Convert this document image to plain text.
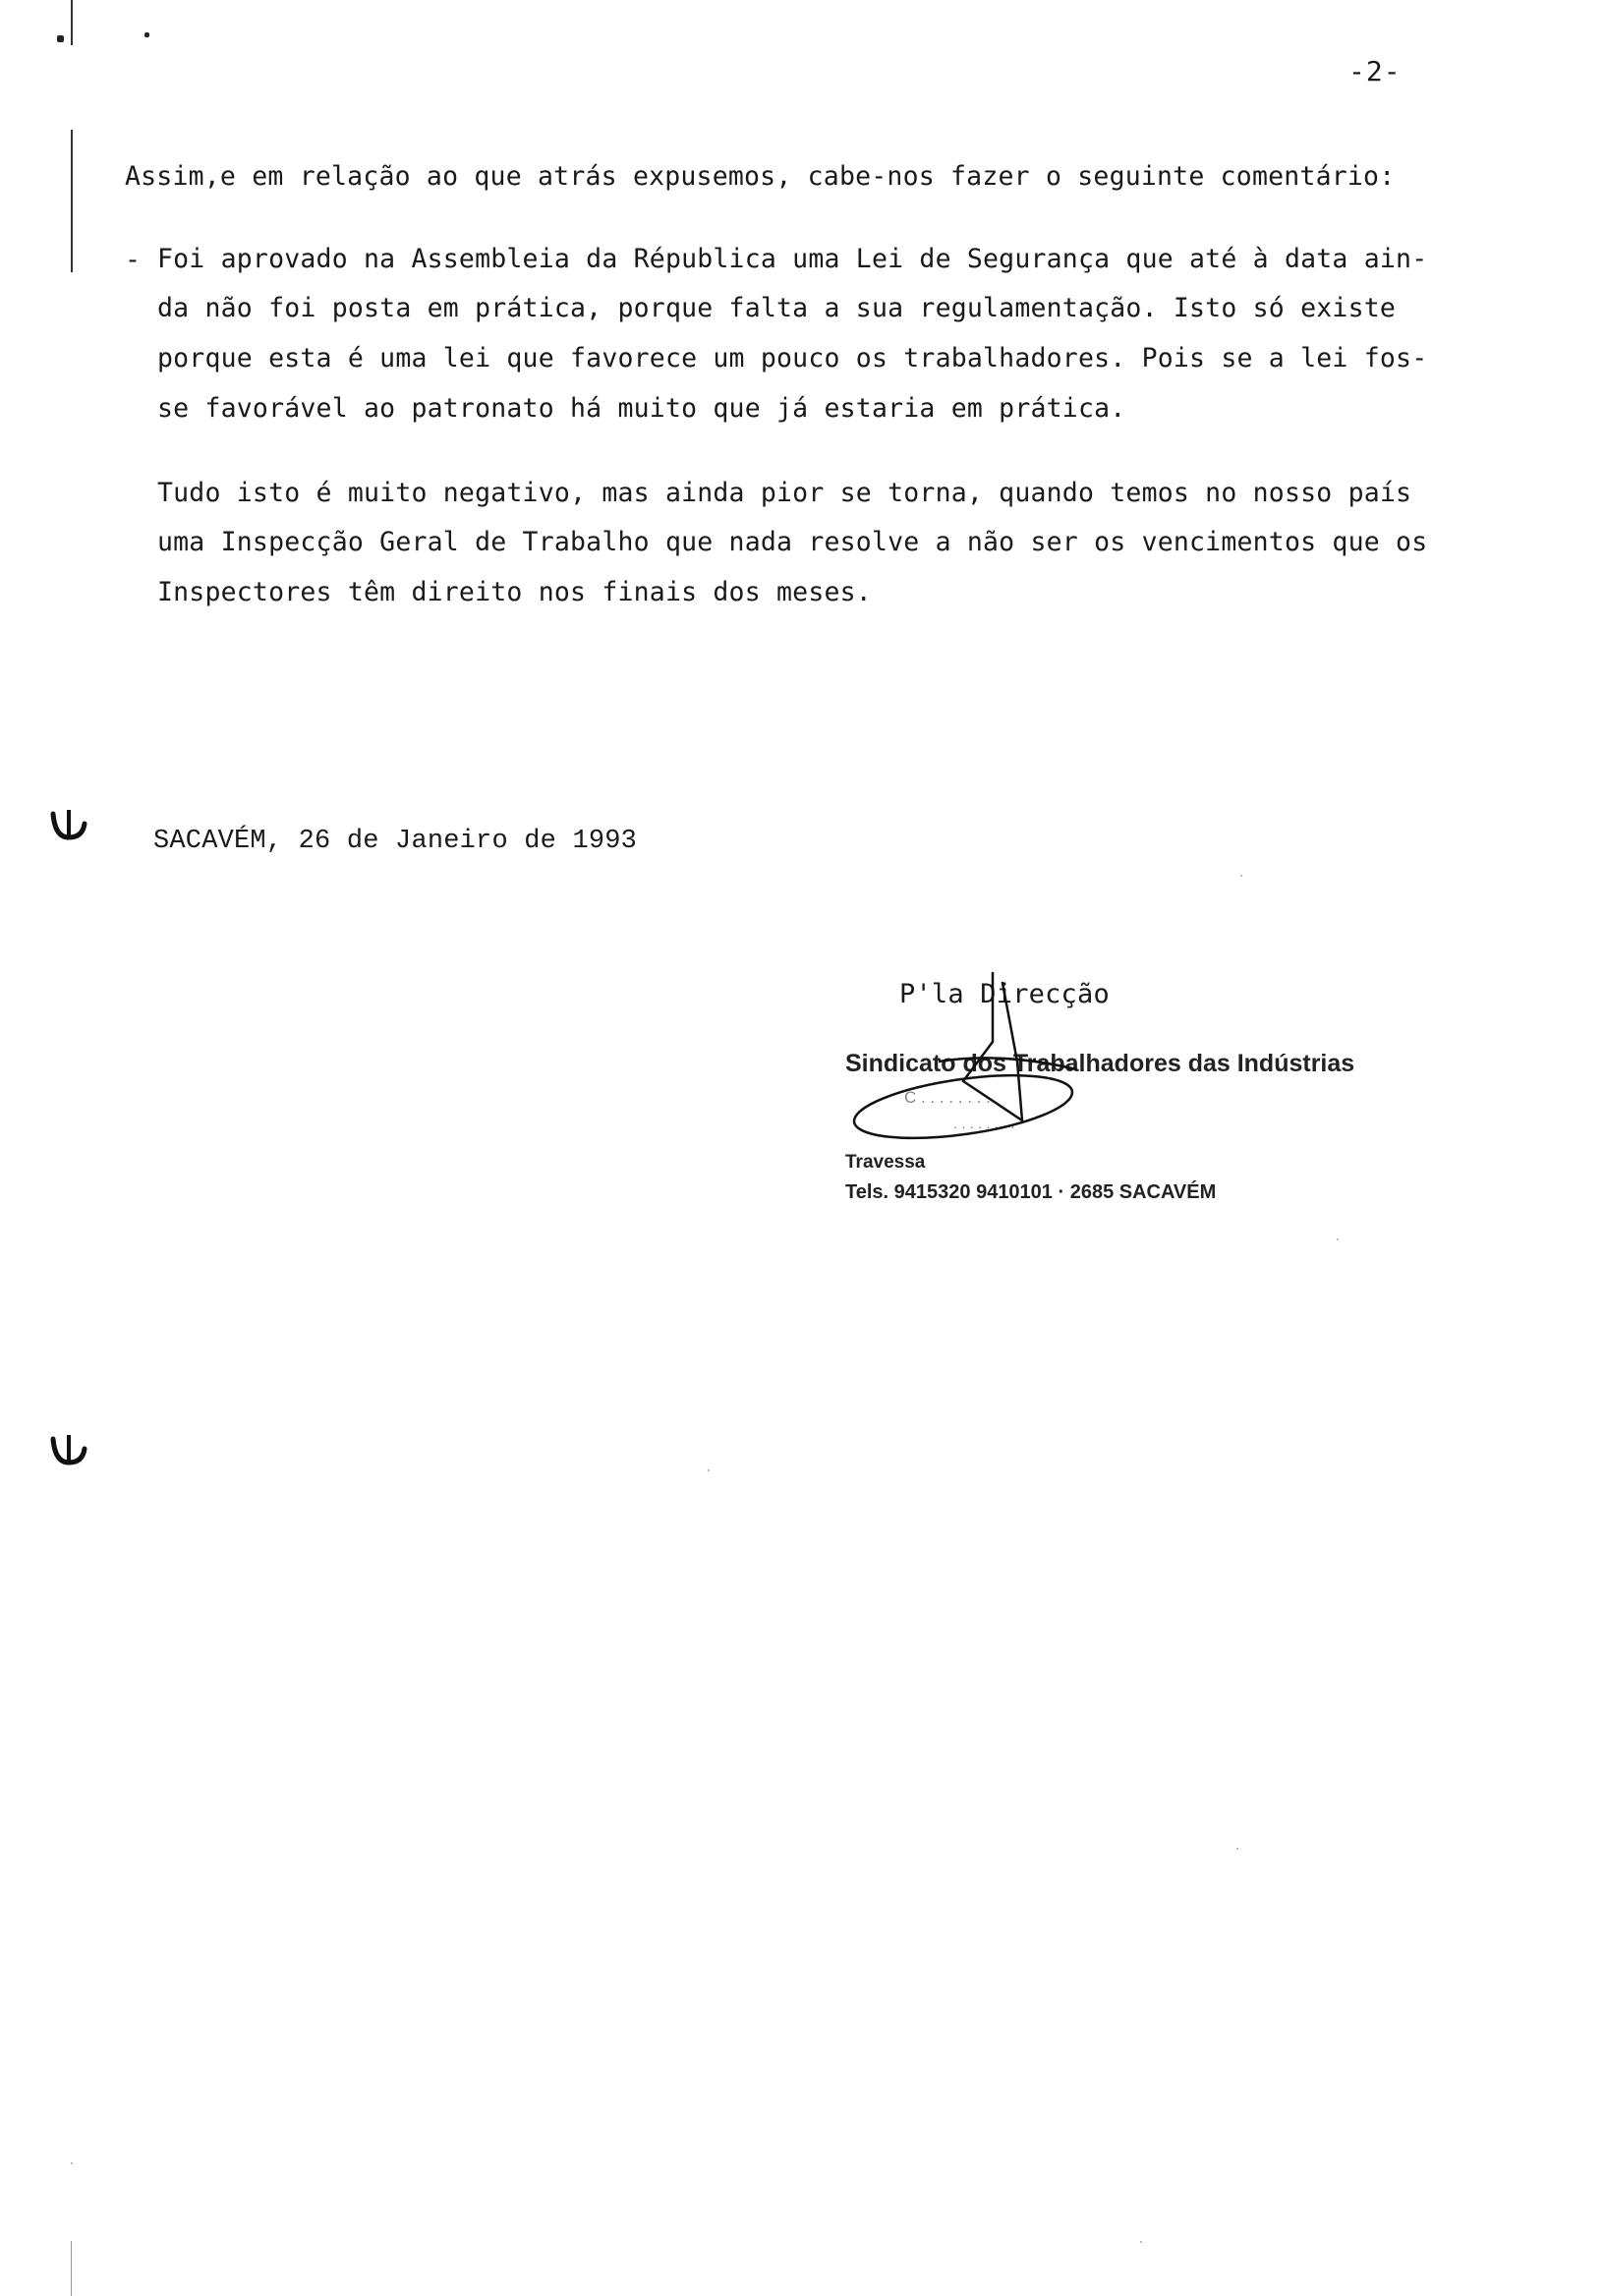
-2-
Assim,e em relação ao que atrás expusemos, cabe-nos fazer o seguinte comentário:
- Foi aprovado na Assembleia da Républica uma Lei de Segurança que até à data ain-
da não foi posta em prática, porque falta a sua regulamentação. Isto só existe
porque esta é uma lei que favorece um pouco os trabalhadores. Pois se a lei fos-
se favorável ao patronato há muito que já estaria em prática.
Tudo isto é muito negativo, mas ainda pior se torna, quando temos no nosso país
uma Inspecção Geral de Trabalho que nada resolve a não ser os vencimentos que os
Inspectores têm direito nos finais dos meses.
SACAVÉM, 26 de Janeiro de 1993
P'la Direcção
Sindicato dos Trabalhadores das Indústrias
C . . . . . . . .
. . . . . . . .
Travessa
Tels. 9415320 9410101 · 2685 SACAVÉM
